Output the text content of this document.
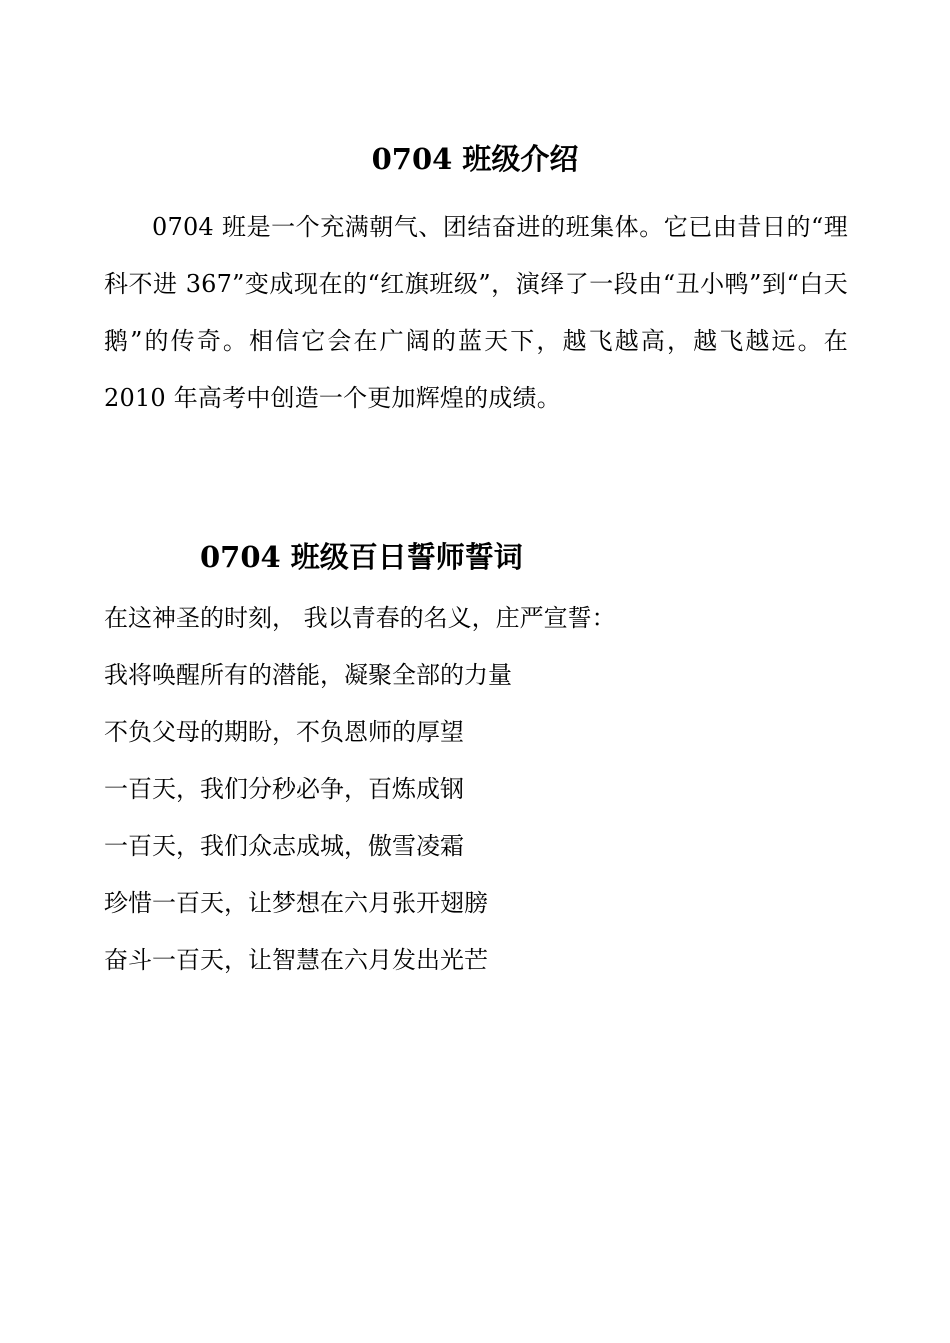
0704 班级介绍

0704 班是一个充满朝气、团结奋进的班集体。它已由昔日的“理科不进 367”变成现在的“红旗班级”，演绎了一段由“丑小鸭”到“白天鹅”的传奇。相信它会在广阔的蓝天下，越飞越高，越飞越远。在 2010 年高考中创造一个更加辉煌的成绩。

0704 班级百日誓师誓词
在这神圣的时刻， 我以青春的名义，庄严宣誓：
我将唤醒所有的潜能，凝聚全部的力量
不负父母的期盼，不负恩师的厚望
一百天，我们分秒必争，百炼成钢
一百天，我们众志成城，傲雪凌霜
珍惜一百天，让梦想在六月张开翅膀
奋斗一百天，让智慧在六月发出光芒
